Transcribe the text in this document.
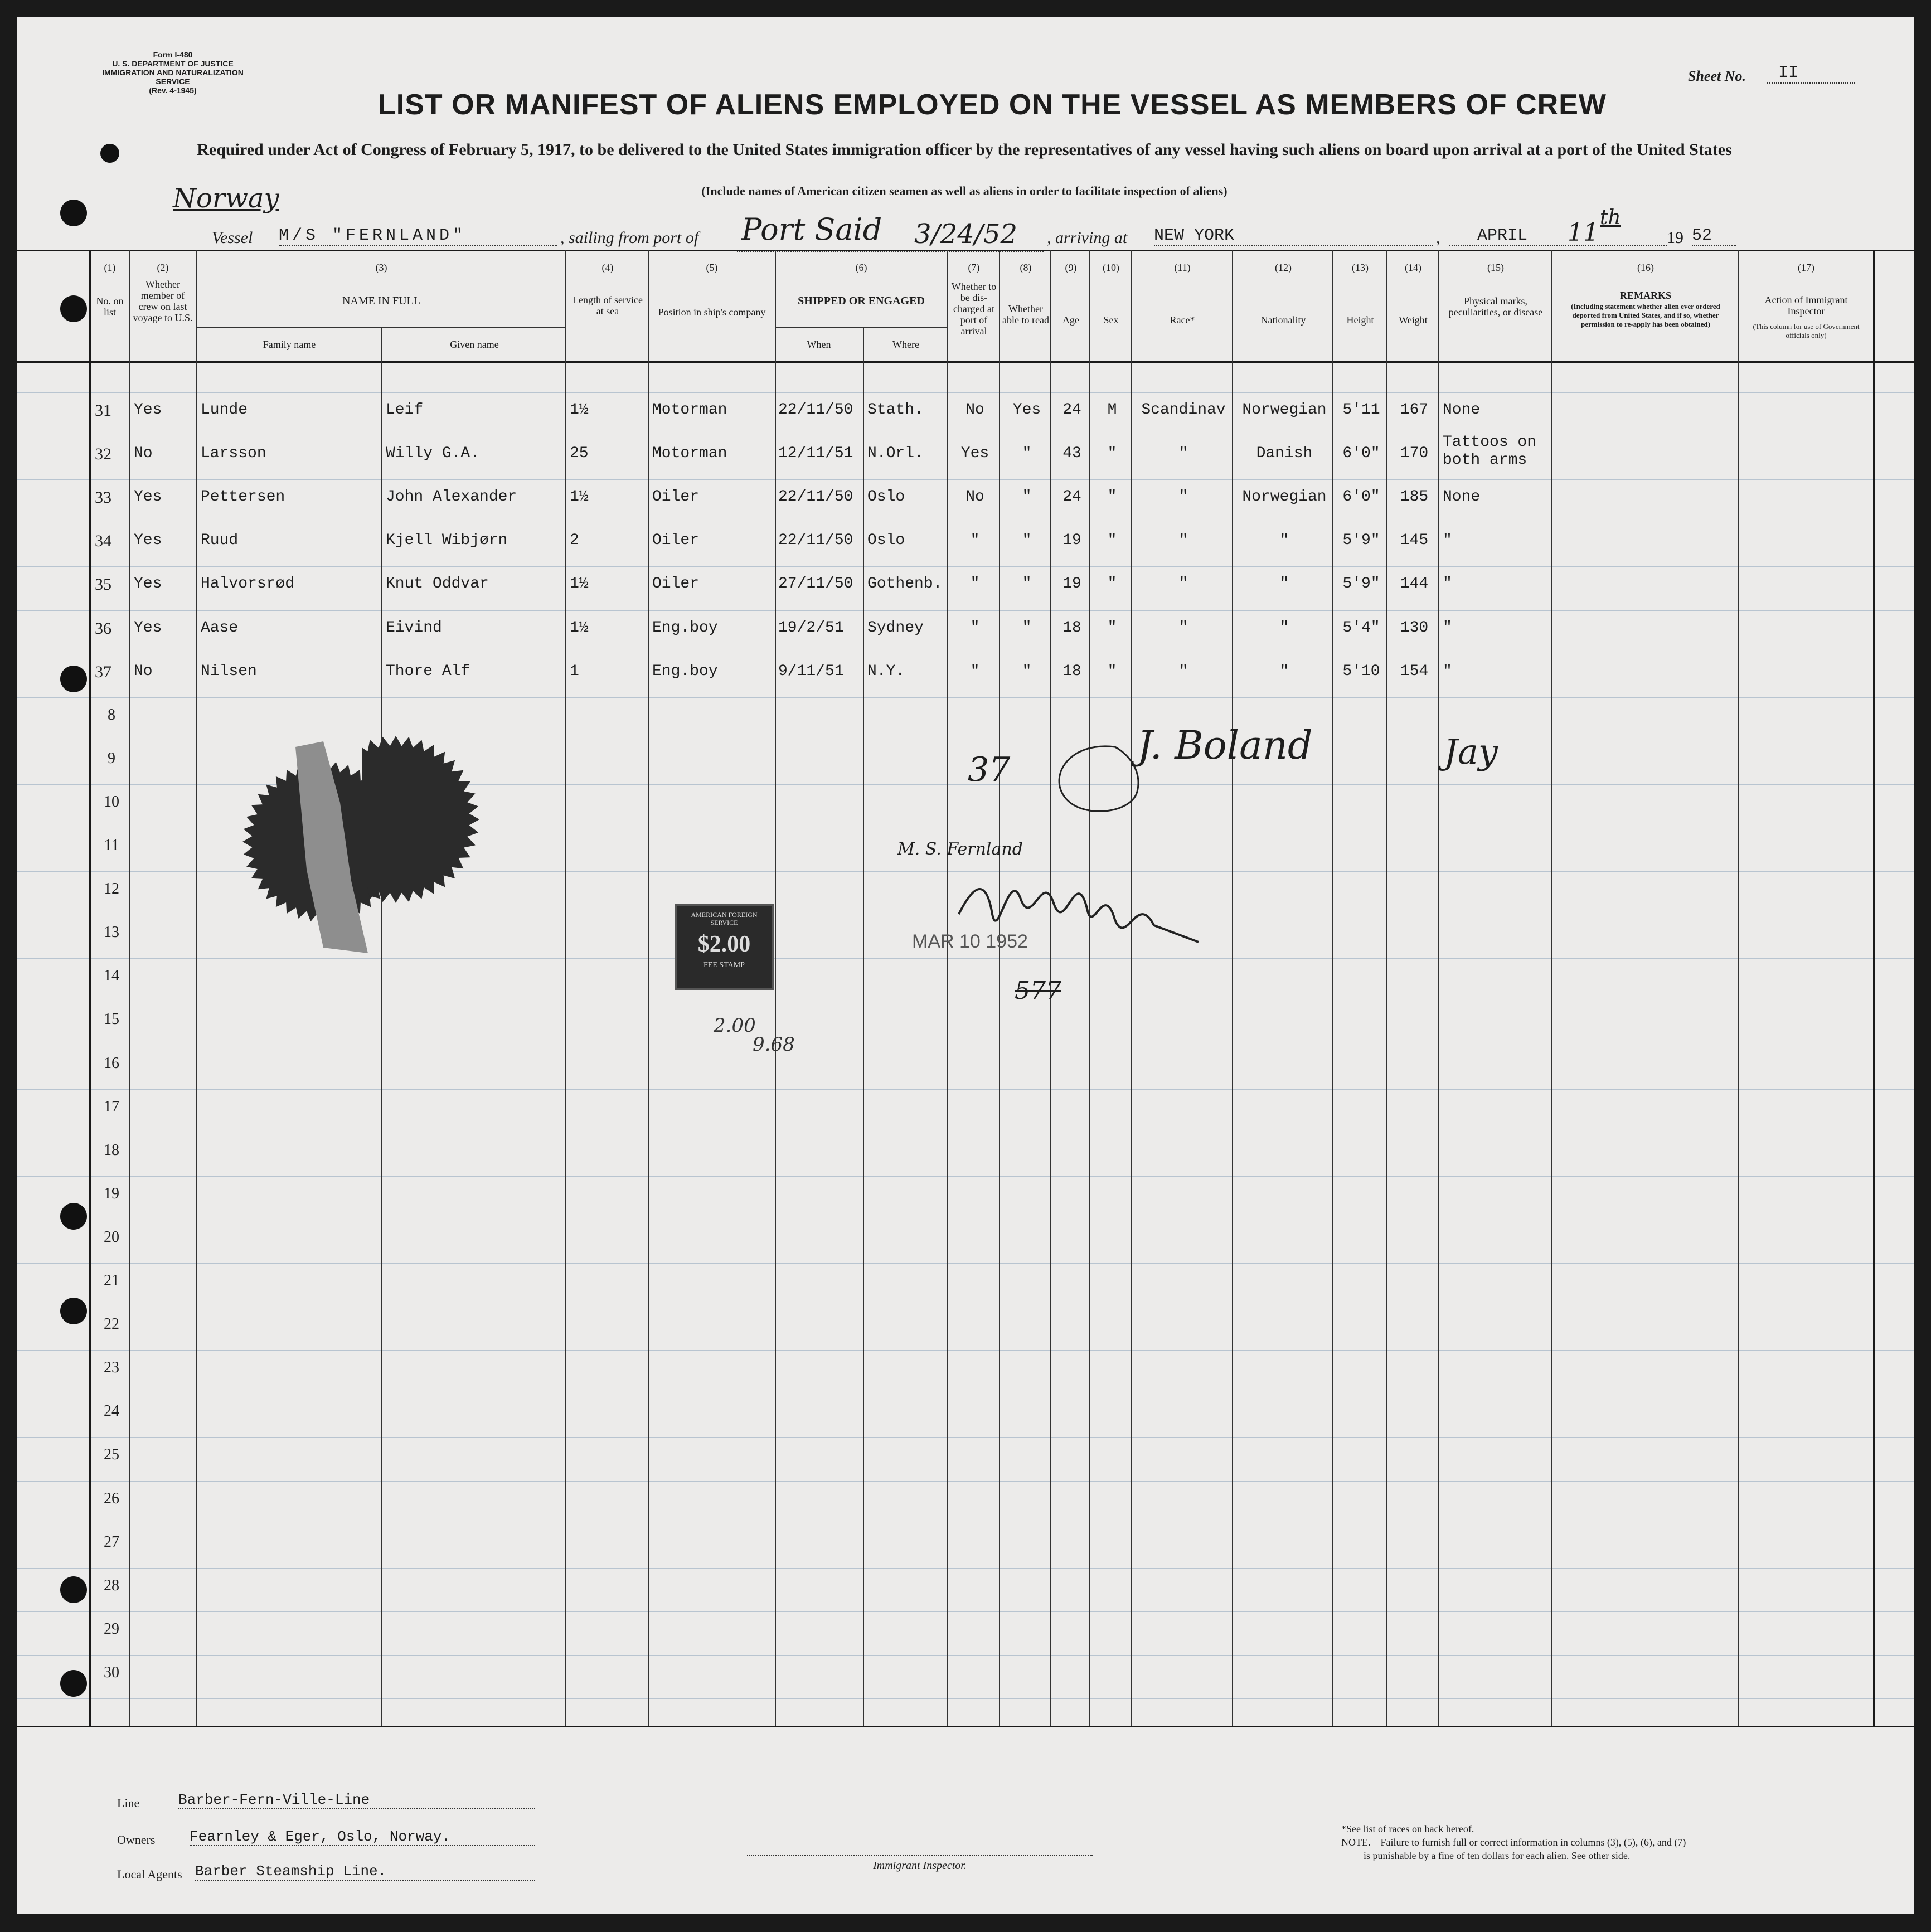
Form I-480
U. S. DEPARTMENT OF JUSTICE
IMMIGRATION AND NATURALIZATION SERVICE
(Rev. 4-1945)
Sheet No.	II
LIST OR MANIFEST OF ALIENS EMPLOYED ON THE VESSEL AS MEMBERS OF CREW
Required under Act of Congress of February 5, 1917, to be delivered to the United States immigration officer by the representatives of any vessel having such aliens on board upon arrival at a port of the United States
(Include names of American citizen seamen as well as aliens in order to facilitate inspection of aliens)
Norway
Vessel M/S "FERNLAND"	, sailing from port of Port Said 3/24/52 , arriving at NEW YORK	,	APRIL	11
th
19 52
(1)
No. on list
(2)
Whether member of crew on last voyage to U.S.
(3)
NAME IN FULL
Family name	Given name
(4)
Length of service at sea
(5)
Position in ship's company
(6)
SHIPPED OR ENGAGED
When	Where
(7)
Whether to be dis-charged at port of arrival
(8)
Whether able to read
(9)
Age
(10)
Sex
(11)
Race*
(12)
Nationality
(13)
Height
(14)
Weight
(15)
Physical marks, peculiarities, or disease
(16)
REMARKS
(Including statement whether alien ever ordered deported from United States, and if so, whether permission to re-apply has been obtained)
(17)
Action of Immigrant Inspector
(This column for use of Government officials only)
31	Yes	Lunde	Leif	1½	Motorman	22/11/50 Stath.	No	Yes	24	M	Scandinav	Norwegian	5'11	167 None
32	No	Larsson	Willy G.A.	25	Motorman	12/11/51 N.Orl.	Yes	"	43	"	"	Danish	6'0"	170
Tattoos on both arms
33	Yes	Pettersen	John Alexander	1½	Oiler	22/11/50 Oslo	No	"	24	"	"	Norwegian	6'0"	185 None
34	Yes	Ruud	Kjell Wibjørn	2	Oiler	22/11/50 Oslo	"	"	19	"	"	"	5'9"	145 "
35	Yes	Halvorsrød	Knut Oddvar	1½	Oiler	27/11/50 Gothenb.	"	"	19	"	"	"	5'9"	144 "
36	Yes	Aase	Eivind	1½	Eng.boy	19/2/51	Sydney	"	"	18	"	"	"	5'4"	130 "
37	No	Nilsen	Thore Alf	1	Eng.boy	9/11/51	N.Y.	"	"	18	"	"	"	5'10	154 "
8
9
10
11
12
13
14
15
16
17
18
19
20
21
22
23
24
25
26
27
28
29
30
AMERICAN FOREIGN SERVICE
$2.00
FEE STAMP
2.00
9.68
37
J. Boland	Jay
M. S. Fernland
MAR 10 1952
577
Line	Barber-Fern-Ville-Line
Owners Fearnley & Eger, Oslo, Norway.
Local Agents Barber Steamship Line.	Immigrant Inspector.
*See list of races on back hereof.
NOTE.—Failure to furnish full or correct information in columns (3), (5), (6), and (7)
is punishable by a fine of ten dollars for each alien. See other side.
